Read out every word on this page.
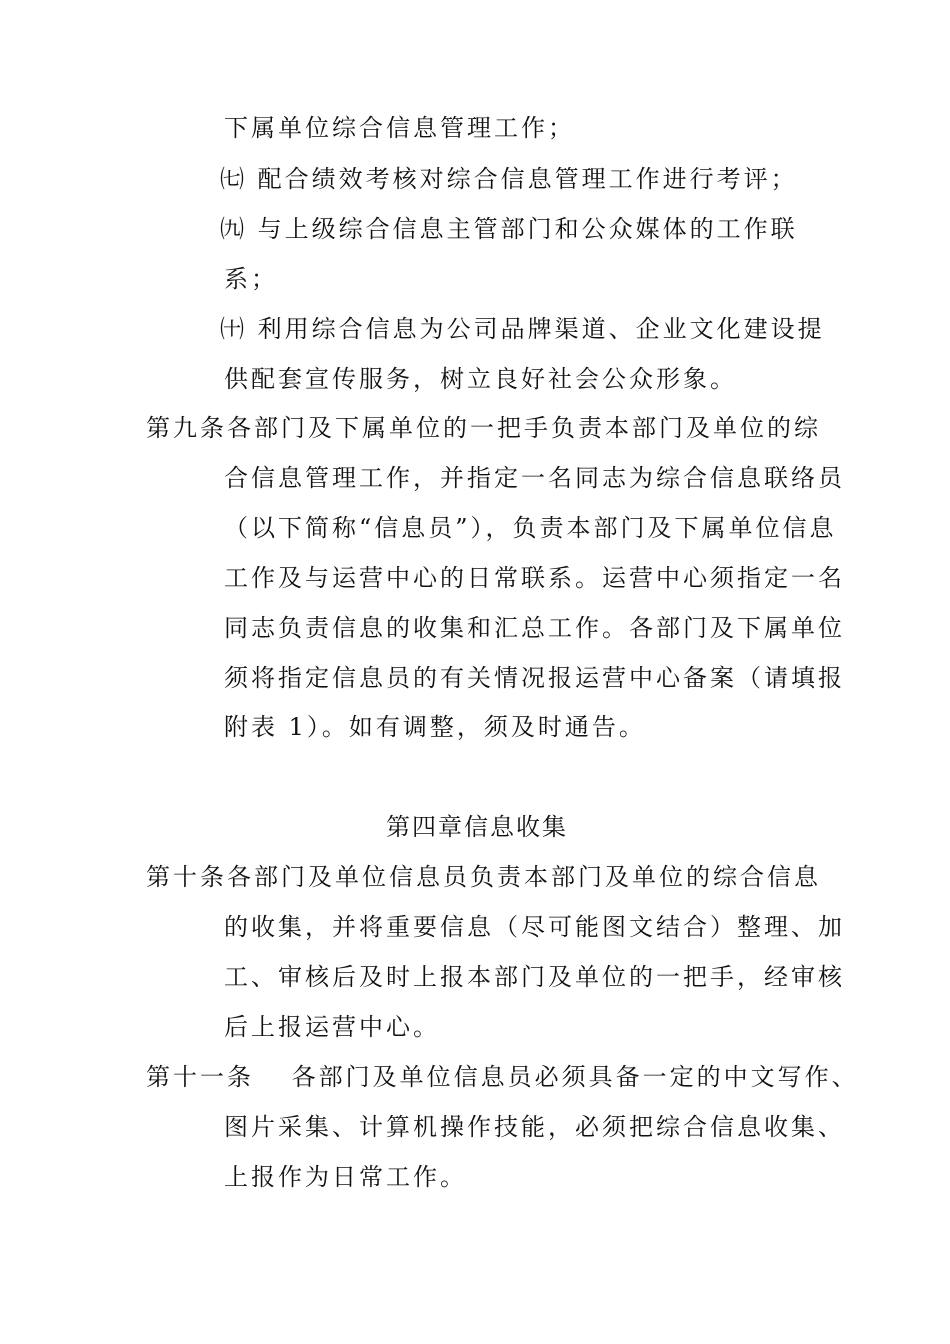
下属单位综合信息管理工作；
㈦ 配合绩效考核对综合信息管理工作进行考评；
㈨ 与上级综合信息主管部门和公众媒体的工作联
系；
㈩ 利用综合信息为公司品牌渠道、企业文化建设提
供配套宣传服务，树立良好社会公众形象。
第九条各部门及下属单位的一把手负责本部门及单位的综
合信息管理工作，并指定一名同志为综合信息联络员
（以下简称“信息员”），负责本部门及下属单位信息
工作及与运营中心的日常联系。运营中心须指定一名
同志负责信息的收集和汇总工作。各部门及下属单位
须将指定信息员的有关情况报运营中心备案（请填报
附表 1）。如有调整，须及时通告。
第四章信息收集
第十条各部门及单位信息员负责本部门及单位的综合信息
的收集，并将重要信息（尽可能图文结合）整理、加
工、审核后及时上报本部门及单位的一把手，经审核
后上报运营中心。
第十一条　 各部门及单位信息员必须具备一定的中文写作、
图片采集、计算机操作技能，必须把综合信息收集、
上报作为日常工作。
